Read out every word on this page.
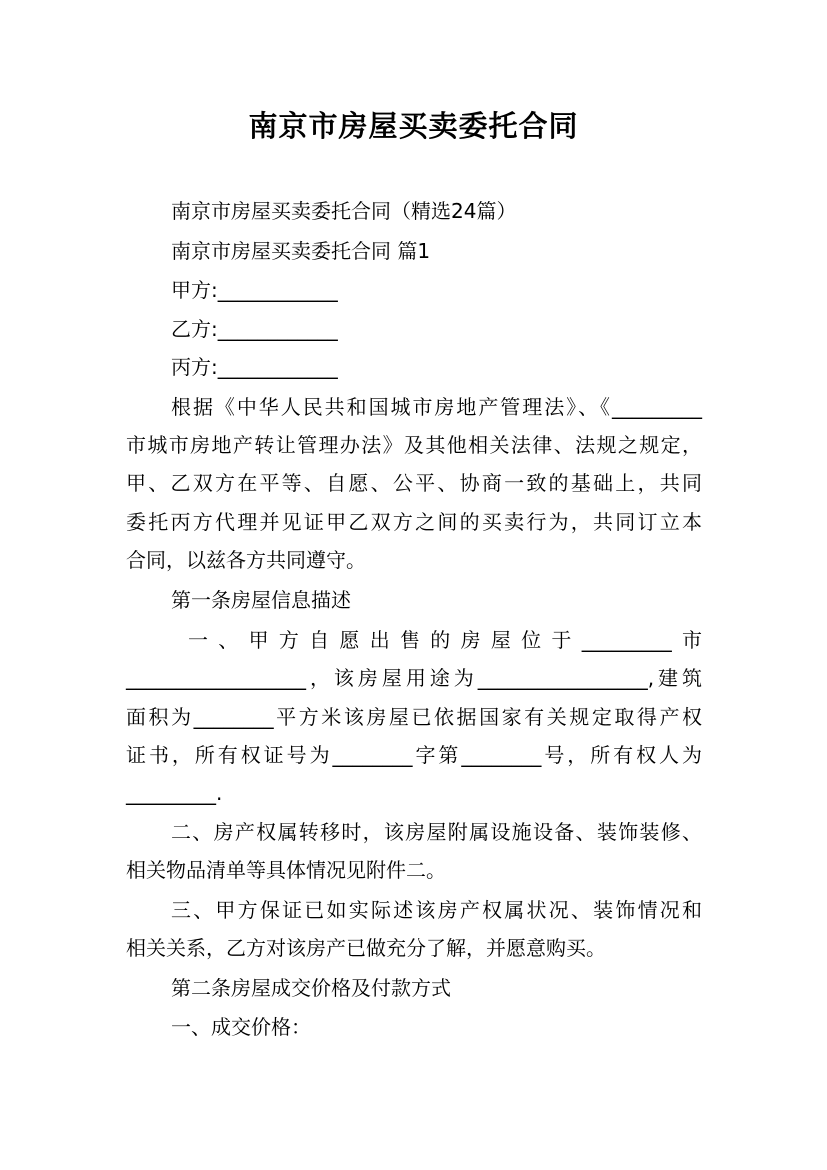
南京市房屋买卖委托合同
南京市房屋买卖委托合同（精选24篇）
南京市房屋买卖委托合同 篇1
甲方:____________
乙方:____________
丙方:____________
根据《中华人民共和国城市房地产管理法》、《_________
市城市房地产转让管理办法》及其他相关法律、法规之规定，
甲、乙双方在平等、自愿、公平、协商一致的基础上，共同
委托丙方代理并见证甲乙双方之间的买卖行为，共同订立本
合同，以兹各方共同遵守。
第一条房屋信息描述
一、甲方自愿出售的房屋位于_________市
__________________，该房屋用途为_________________,建筑
面积为________平方米该房屋已依据国家有关规定取得产权
证书，所有权证号为________字第________号，所有权人为
_________.
二、房产权属转移时，该房屋附属设施设备、装饰装修、
相关物品清单等具体情况见附件二。
三、甲方保证已如实际述该房产权属状况、装饰情况和
相关关系，乙方对该房产已做充分了解，并愿意购买。
第二条房屋成交价格及付款方式
一、成交价格：
